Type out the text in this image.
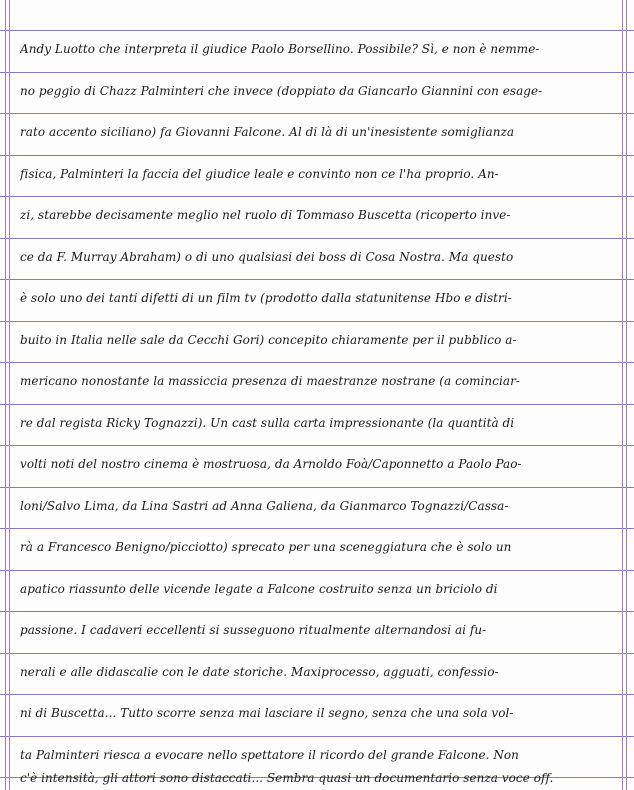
Andy Luotto che interpreta il giudice Paolo Borsellino. Possibile? Sì, e non è nemme-
no peggio di Chazz Palminteri che invece (doppiato da Giancarlo Giannini con esage-
rato accento siciliano) fa Giovanni Falcone. Al di là di un'inesistente somiglianza
fisica, Palminteri la faccia del giudice leale e convinto non ce l'ha proprio. An-
zi, starebbe decisamente meglio nel ruolo di Tommaso Buscetta (ricoperto inve-
ce da F. Murray Abraham) o di uno qualsiasi dei boss di Cosa Nostra. Ma questo
è solo uno dei tanti difetti di un film tv (prodotto dalla statunitense Hbo e distri-
buito in Italia nelle sale da Cecchi Gori) concepito chiaramente per il pubblico a-
mericano nonostante la massiccia presenza di maestranze nostrane (a cominciar-
re dal regista Ricky Tognazzi). Un cast sulla carta impressionante (la quantità di
volti noti del nostro cinema è mostruosa, da Arnoldo Foà/Caponnetto a Paolo Pao-
loni/Salvo Lima, da Lina Sastri ad Anna Galiena, da Gianmarco Tognazzi/Cassa-
rà a Francesco Benigno/picciotto) sprecato per una sceneggiatura che è solo un
apatico riassunto delle vicende legate a Falcone costruito senza un briciolo di
passione. I cadaveri eccellenti si susseguono ritualmente alternandosi ai fu-
nerali e alle didascalie con le date storiche. Maxiprocesso, agguati, confessio-
ni di Buscetta... Tutto scorre senza mai lasciare il segno, senza che una sola vol-
ta Palminteri riesca a evocare nello spettatore il ricordo del grande Falcone. Non
c'è intensità, gli attori sono distaccati... Sembra quasi un documentario senza voce off.
